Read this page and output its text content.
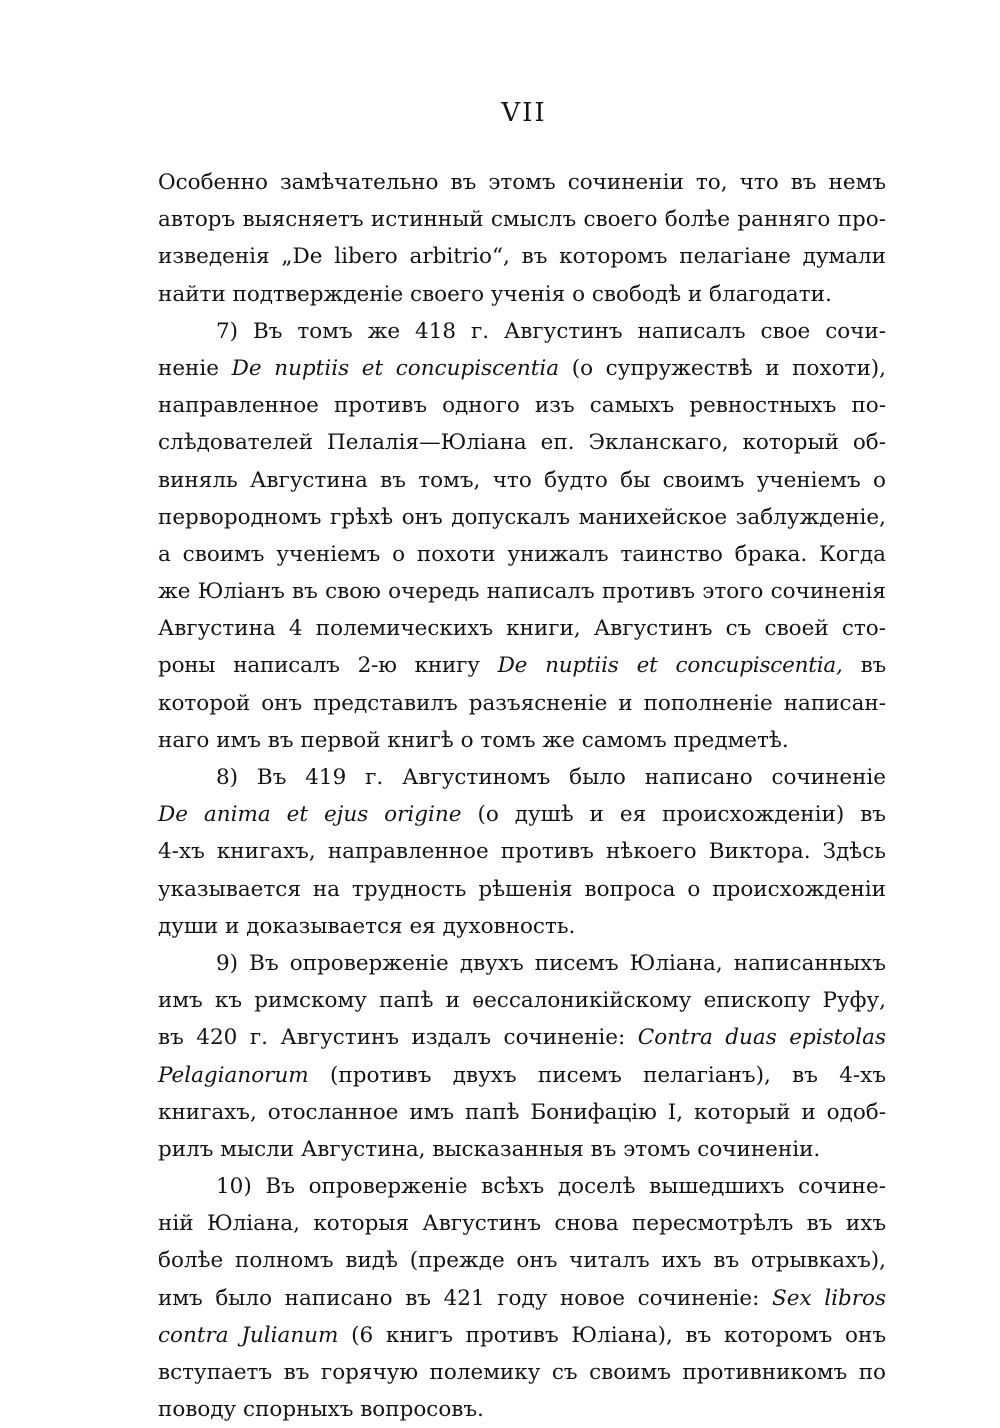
VII
Особенно замѣчательно въ этомъ сочиненіи то, что въ немъ
авторъ выясняетъ истинный смыслъ своего болѣе ранняго про-
изведенія „De libero arbitrio“, въ которомъ пелагіане думали
найти подтвержденіе своего ученія о свободѣ и благодати.
7) Въ томъ же 418 г. Августинъ написалъ свое сочи-
неніе De nuptiis et concupiscentia (о супружествѣ и похоти),
направленное противъ одного изъ самыхъ ревностныхъ по-
слѣдователей Пелалія—Юліана еп. Экланскаго, который об-
виняль Августина въ томъ, что будто бы своимъ ученіемъ о
первородномъ грѣхѣ онъ допускалъ манихейское заблужденіе,
а своимъ ученіемъ о похоти унижалъ таинство брака. Когда
же Юліанъ въ свою очередь написалъ противъ этого сочиненія
Августина 4 полемическихъ книги, Августинъ съ своей сто-
роны написалъ 2-ю книгу De nuptiis et concupiscentia, въ
которой онъ представилъ разъясненіе и пополненіе написан-
наго имъ въ первой книгѣ о томъ же самомъ предметѣ.
8) Въ 419 г. Августиномъ было написано сочиненіе
De anima et ejus origine (о душѣ и ея происхожденіи) въ
4-хъ книгахъ, направленное противъ нѣкоего Виктора. Здѣсь
указывается на трудность рѣшенія вопроса о происхожденіи
души и доказывается ея духовность.
9) Въ опроверженіе двухъ писемъ Юліана, написанныхъ
имъ къ римскому папѣ и ѳессалоникійскому епископу Руфу,
въ 420 г. Августинъ издалъ сочиненіе: Contra duas epistolas
Pelagianorum (противъ двухъ писемъ пелагіанъ), въ 4-хъ
книгахъ, отосланное имъ папѣ Бонифацію I, который и одоб-
рилъ мысли Августина, высказанныя въ этомъ сочиненіи.
10) Въ опроверженіе всѣхъ доселѣ вышедшихъ сочине-
ній Юліана, которыя Августинъ снова пересмотрѣлъ въ ихъ
болѣе полномъ видѣ (прежде онъ читалъ ихъ въ отрывкахъ),
имъ было написано въ 421 году новое сочиненіе: Sex libros
contra Julianum (6 книгъ противъ Юліана), въ которомъ онъ
вступаетъ въ горячую полемику съ своимъ противникомъ по
поводу спорныхъ вопросовъ.
